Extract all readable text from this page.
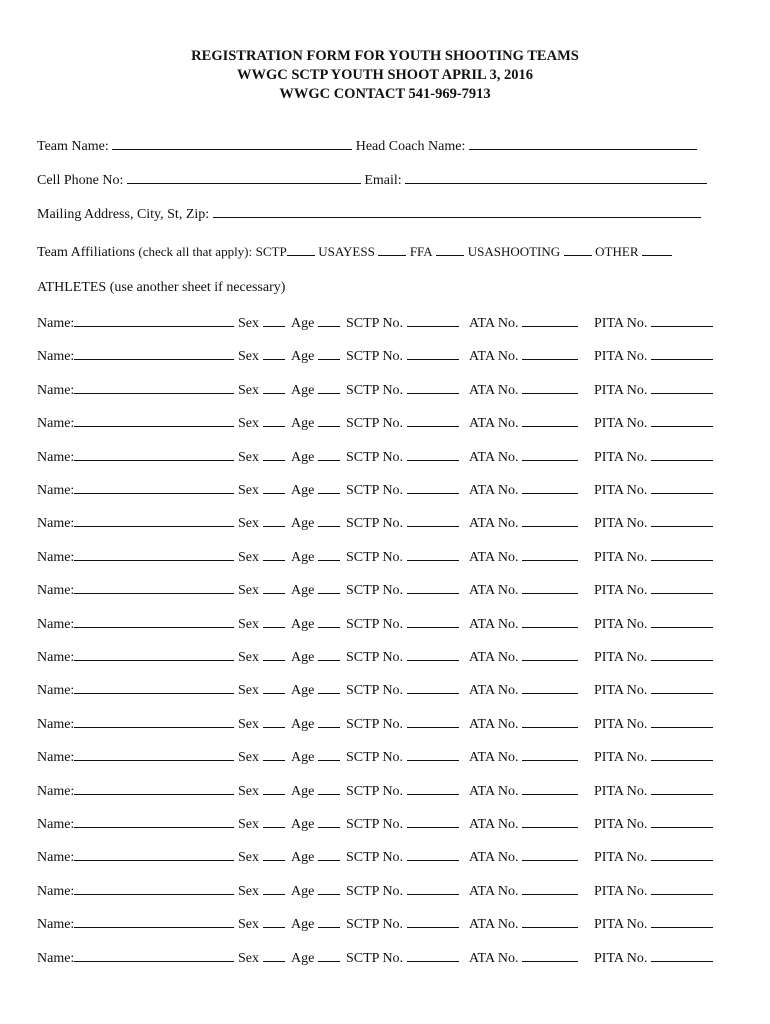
REGISTRATION FORM FOR YOUTH SHOOTING TEAMS
WWGC SCTP YOUTH SHOOT APRIL 3, 2016
WWGC CONTACT 541-969-7913
Team Name:	Head Coach Name:
Cell Phone No:	Email:
Mailing Address, City, St, Zip:
Team Affiliations (check all that apply): SCTP USAYESS	FFA	USASHOOTING	OTHER
ATHLETES (use another sheet if necessary)
Name:	Sex	Age	SCTP No.	ATA No.	PITA No.
Name:	Sex	Age	SCTP No.	ATA No.	PITA No.
Name:	Sex	Age	SCTP No.	ATA No.	PITA No.
Name:	Sex	Age	SCTP No.	ATA No.	PITA No.
Name:	Sex	Age	SCTP No.	ATA No.	PITA No.
Name:	Sex	Age	SCTP No.	ATA No.	PITA No.
Name:	Sex	Age	SCTP No.	ATA No.	PITA No.
Name:	Sex	Age	SCTP No.	ATA No.	PITA No.
Name:	Sex	Age	SCTP No.	ATA No.	PITA No.
Name:	Sex	Age	SCTP No.	ATA No.	PITA No.
Name:	Sex	Age	SCTP No.	ATA No.	PITA No.
Name:	Sex	Age	SCTP No.	ATA No.	PITA No.
Name:	Sex	Age	SCTP No.	ATA No.	PITA No.
Name:	Sex	Age	SCTP No.	ATA No.	PITA No.
Name:	Sex	Age	SCTP No.	ATA No.	PITA No.
Name:	Sex	Age	SCTP No.	ATA No.	PITA No.
Name:	Sex	Age	SCTP No.	ATA No.	PITA No.
Name:	Sex	Age	SCTP No.	ATA No.	PITA No.
Name:	Sex	Age	SCTP No.	ATA No.	PITA No.
Name:	Sex	Age	SCTP No.	ATA No.	PITA No.
